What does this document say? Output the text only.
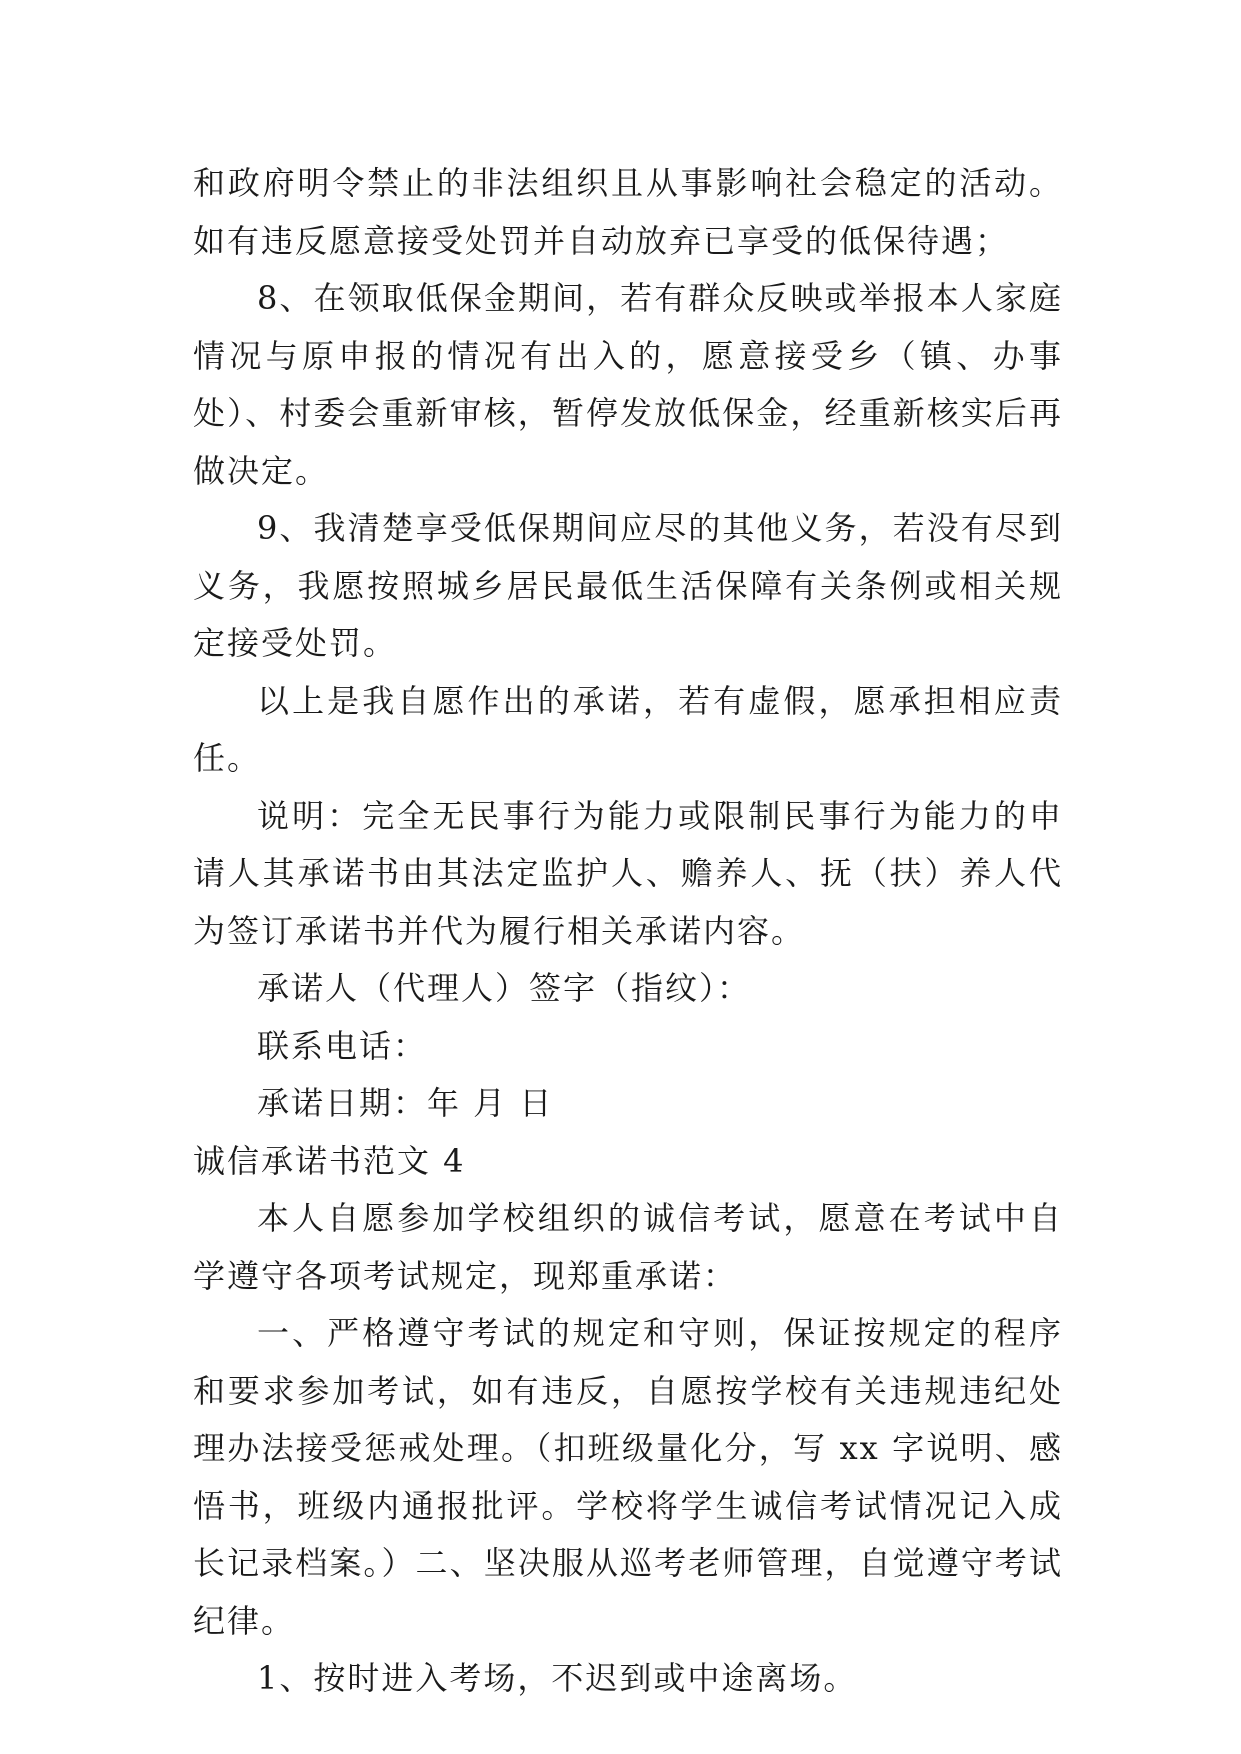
和政府明令禁止的非法组织且从事影响社会稳定的活动。如有违反愿意接受处罚并自动放弃已享受的低保待遇；

8、在领取低保金期间，若有群众反映或举报本人家庭情况与原申报的情况有出入的，愿意接受乡（镇、办事处）、村委会重新审核，暂停发放低保金，经重新核实后再做决定。

9、我清楚享受低保期间应尽的其他义务，若没有尽到义务，我愿按照城乡居民最低生活保障有关条例或相关规定接受处罚。

以上是我自愿作出的承诺，若有虚假，愿承担相应责任。

说明：完全无民事行为能力或限制民事行为能力的申请人其承诺书由其法定监护人、赡养人、抚（扶）养人代为签订承诺书并代为履行相关承诺内容。

承诺人（代理人）签字（指纹）：

联系电话：

承诺日期：年 月 日

诚信承诺书范文 4

本人自愿参加学校组织的诚信考试，愿意在考试中自学遵守各项考试规定，现郑重承诺：

一、严格遵守考试的规定和守则，保证按规定的程序和要求参加考试，如有违反，自愿按学校有关违规违纪处理办法接受惩戒处理。（扣班级量化分，写 xx 字说明、感悟书，班级内通报批评。学校将学生诚信考试情况记入成长记录档案。）二、坚决服从巡考老师管理，自觉遵守考试纪律。

1、按时进入考场，不迟到或中途离场。
